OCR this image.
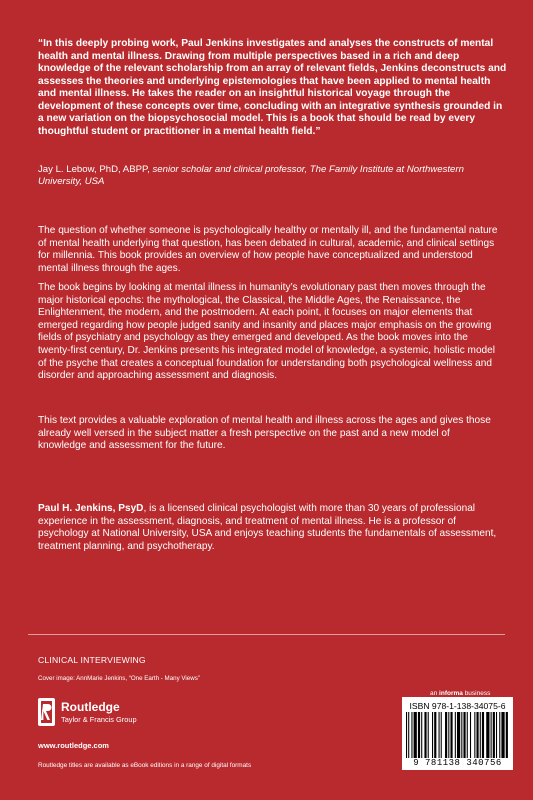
“In this deeply probing work, Paul Jenkins investigates and analyses the constructs of mental health and mental illness. Drawing from multiple perspectives based in a rich and deep knowledge of the relevant scholarship from an array of relevant fields, Jenkins deconstructs and assesses the theories and underlying epistemologies that have been applied to mental health and mental illness. He takes the reader on an insightful historical voyage through the development of these concepts over time, concluding with an integrative synthesis grounded in a new variation on the biopsychosocial model. This is a book that should be read by every thoughtful student or practitioner in a mental health field.”

Jay L. Lebow, PhD, ABPP, senior scholar and clinical professor, The Family Institute at Northwestern University, USA

The question of whether someone is psychologically healthy or mentally ill, and the fundamental nature of mental health underlying that question, has been debated in cultural, academic, and clinical settings for millennia. This book provides an overview of how people have conceptualized and understood mental illness through the ages.

The book begins by looking at mental illness in humanity’s evolutionary past then moves through the major historical epochs: the mythological, the Classical, the Middle Ages, the Renaissance, the Enlightenment, the modern, and the postmodern. At each point, it focuses on major elements that emerged regarding how people judged sanity and insanity and places major emphasis on the growing fields of psychiatry and psychology as they emerged and developed. As the book moves into the twenty-first century, Dr. Jenkins presents his integrated model of knowledge, a systemic, holistic model of the psyche that creates a conceptual foundation for understanding both psychological wellness and disorder and approaching assessment and diagnosis.

This text provides a valuable exploration of mental health and illness across the ages and gives those already well versed in the subject matter a fresh perspective on the past and a new model of knowledge and assessment for the future.

Paul H. Jenkins, PsyD, is a licensed clinical psychologist with more than 30 years of professional experience in the assessment, diagnosis, and treatment of mental illness. He is a professor of psychology at National University, USA and enjoys teaching students the fundamentals of assessment, treatment planning, and psychotherapy.

CLINICAL INTERVIEWING
Cover image: AnnMarie Jenkins, “One Earth - Many Views”
Routledge
Taylor & Francis Group
www.routledge.com
Routledge titles are available as eBook editions in a range of digital formats
an informa business
ISBN 978-1-138-34075-6
9 781138 340756
